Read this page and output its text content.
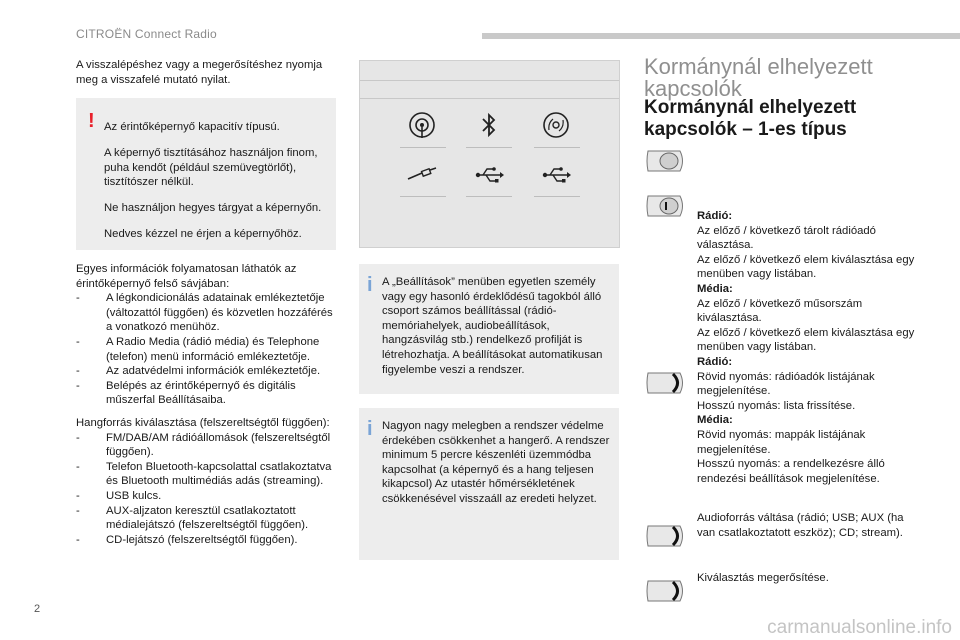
CITROËN Connect Radio
A visszalépéshez vagy a megerősítéshez nyomja meg a visszafelé mutató nyilat.
! Az érintőképernyő kapacitív típusú.

A képernyő tisztításához használjon finom, puha kendőt (például szemüvegtörlőt), tisztítószer nélkül.

Ne használjon hegyes tárgyat a képernyőn.

Nedves kézzel ne érjen a képernyőhöz.

Egyes információk folyamatosan láthatók az érintőképernyő felső sávjában:

- A légkondicionálás adatainak emlékeztetője (változattól függően) és közvetlen hozzáférés a vonatkozó menühöz.
- A Radio Media (rádió média) és Telephone (telefon) menü információ emlékeztetője.
- Az adatvédelmi információk emlékeztetője.
- Belépés az érintőképernyő és digitális műszerfal Beállításaiba.

Hangforrás kiválasztása (felszereltségtől függően):

- FM/DAB/AM rádióállomások (felszereltségtől függően).
- Telefon Bluetooth-kapcsolattal csatlakoztatva és Bluetooth multimédiás adás (streaming).
- USB kulcs.
- AUX-aljzaton keresztül csatlakoztatott médialejátszó (felszereltségtől függően).
- CD-lejátszó (felszereltségtől függően).
i A „Beállítások” menüben egyetlen személy vagy egy hasonló érdeklődésű tagokból álló csoport számos beállítással (rádió-memóriahelyek, audiobeállítások, hangzásvilág stb.) rendelkező profilját is létrehozhatja. A beállításokat automatikusan figyelembe veszi a rendszer.
i Nagyon nagy melegben a rendszer védelme érdekében csökkenhet a hangerő. A rendszer minimum 5 percre készenléti üzemmódba kapcsolhat (a képernyő és a hang teljesen kikapcsol) Az utastér hőmérsékletének csökkenésével visszaáll az eredeti helyzet.
Kormánynál elhelyezett kapcsolók
Kormánynál elhelyezett kapcsolók – 1-es típus
Rádió:
Az előző / következő tárolt rádióadó választása.
Az előző / következő elem kiválasztása egy menüben vagy listában.
Média:
Az előző / következő műsorszám kiválasztása.
Az előző / következő elem kiválasztása egy menüben vagy listában.
Rádió:
Rövid nyomás: rádióadók listájának megjelenítése.
Hosszú nyomás: lista frissítése.
Média:
Rövid nyomás: mappák listájának megjelenítése.
Hosszú nyomás: a rendelkezésre álló rendezési beállítások megjelenítése.
Audioforrás váltása (rádió; USB; AUX (ha van csatlakoztatott eszköz); CD; stream).
Kiválasztás megerősítése.
2
carmanualsonline.info
